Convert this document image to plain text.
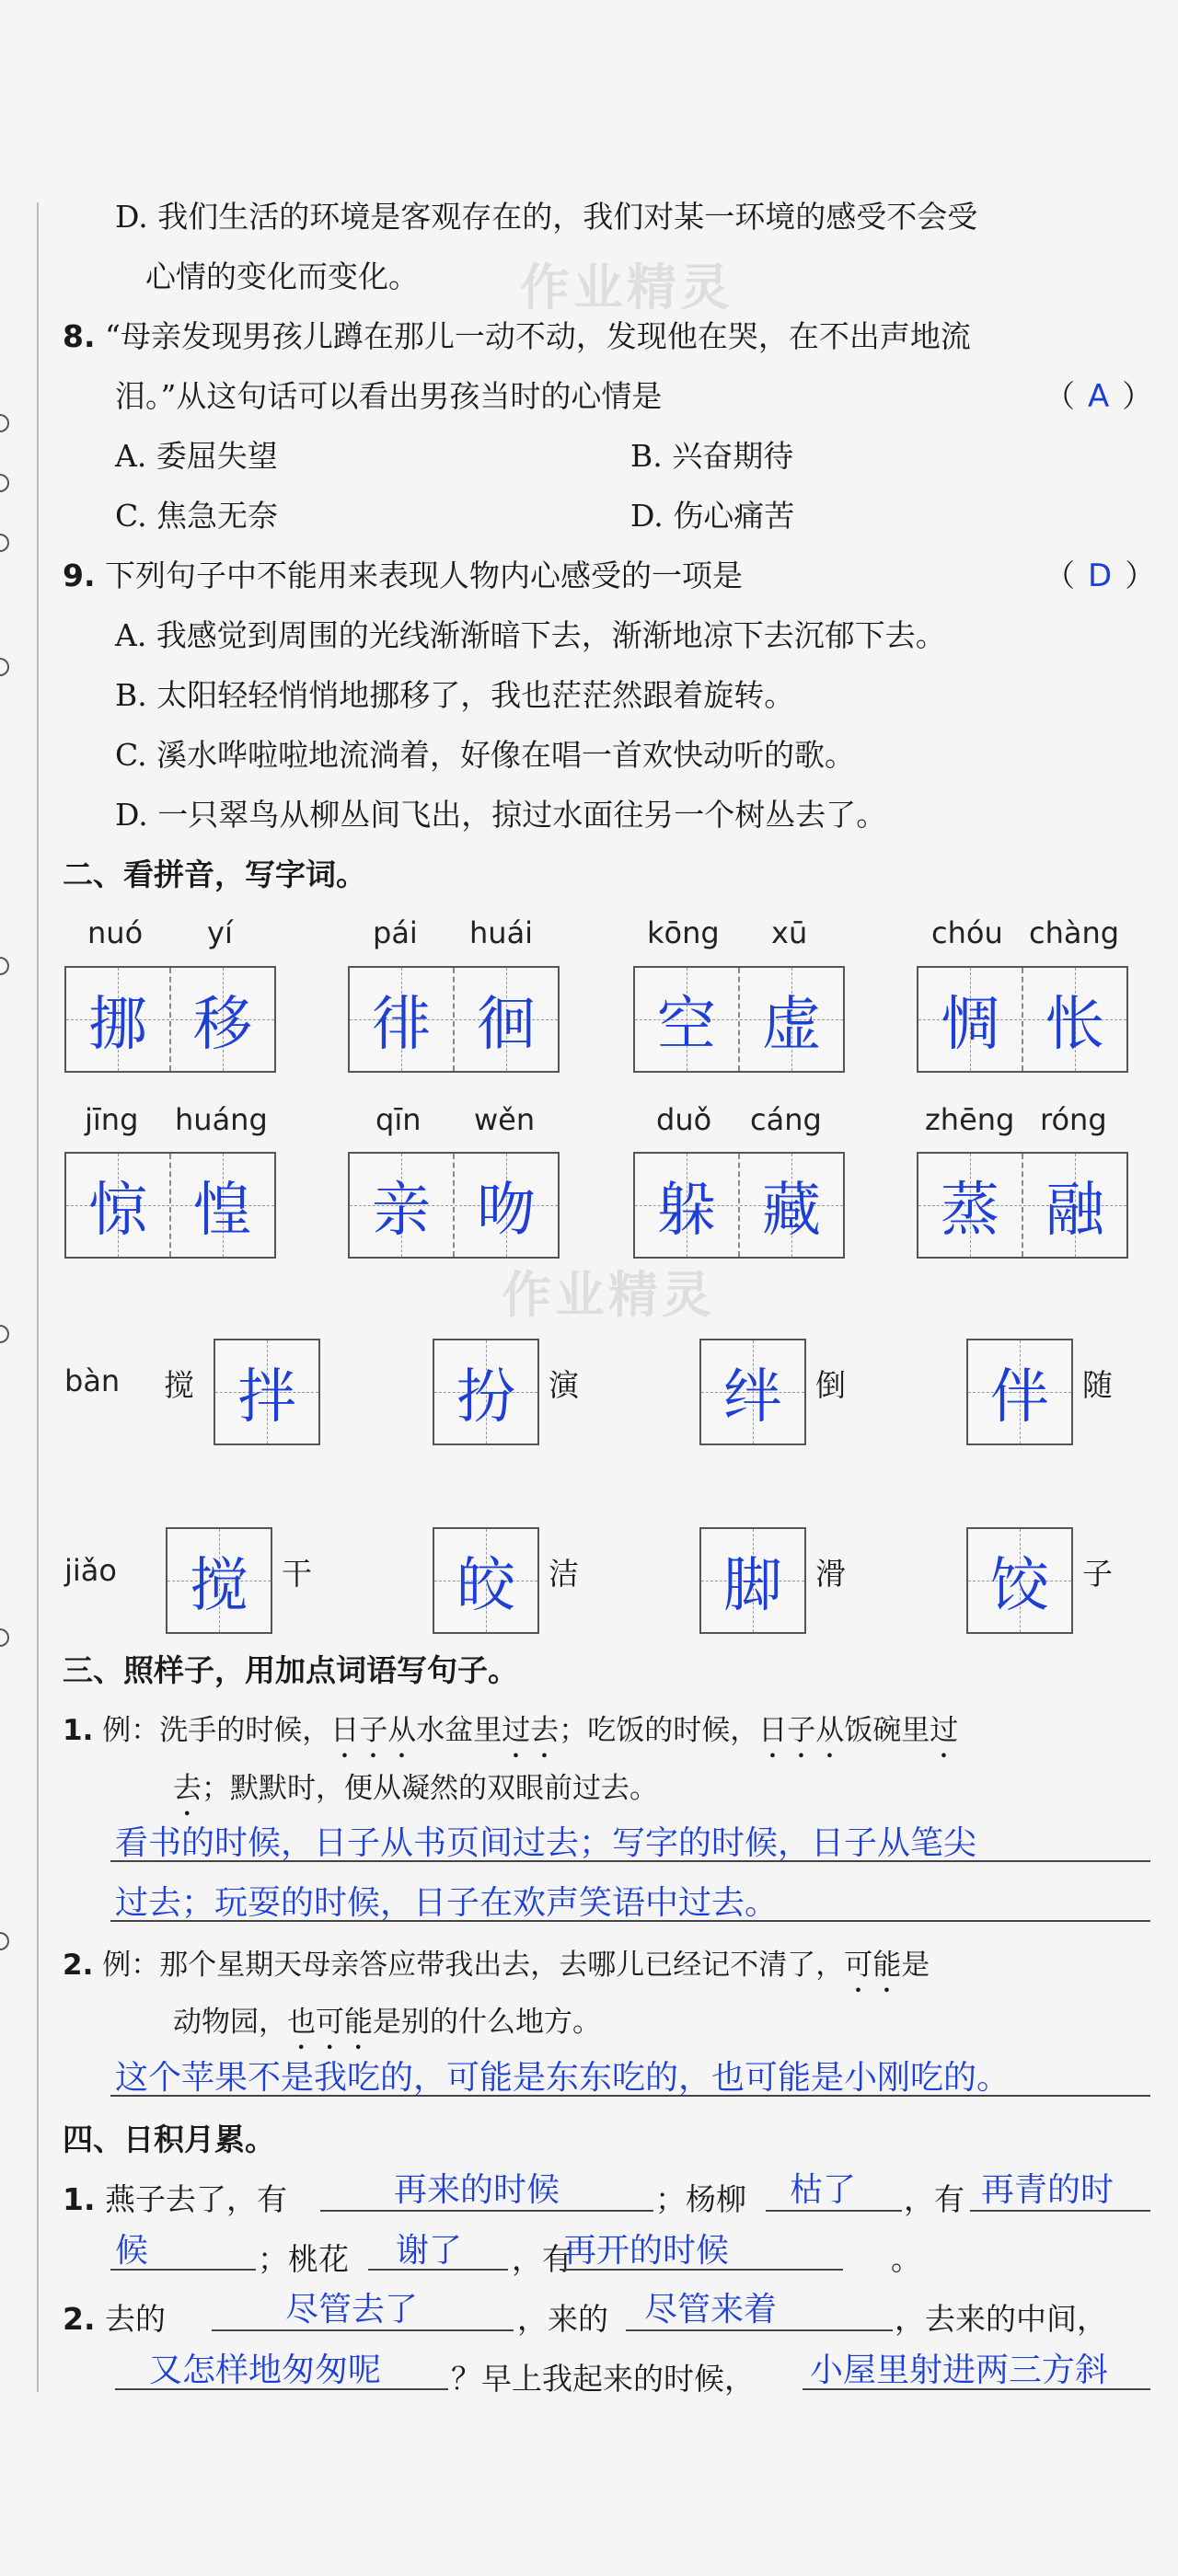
作业精灵
作业精灵
D. 我们生活的环境是客观存在的，我们对某一环境的感受不会受
心情的变化而变化。
8. “母亲发现男孩儿蹲在那儿一动不动，发现他在哭，在不出声地流
泪。”从这句话可以看出男孩当时的心情是	（ A ）
A. 委屈失望	B. 兴奋期待
C. 焦急无奈	D. 伤心痛苦
9. 下列句子中不能用来表现人物内心感受的一项是	（ D ）
A. 我感觉到周围的光线渐渐暗下去，渐渐地凉下去沉郁下去。
B. 太阳轻轻悄悄地挪移了，我也茫茫然跟着旋转。
C. 溪水哗啦啦地流淌着，好像在唱一首欢快动听的歌。
D. 一只翠鸟从柳丛间飞出，掠过水面往另一个树丛去了。
二、看拼音，写字词。
nuó yí
挪 移
pái huái
徘 徊
kōng xū
空 虚
chóu chàng
惆 怅
jīng huáng
惊 惶
qīn wěn
亲 吻
duǒ cáng
躲 藏
zhēng róng
蒸 融
bàn 搅 拌	扮	演	绊	倒	伴	随
jiǎo	搅	干	皎	洁	脚	滑	饺	子
三、照样子，用加点词语写句子。
1. 例：洗手的时候，日子从水盆里过去；吃饭的时候，日子从饭碗里过
去；默默时，便从凝然的双眼前过去。
看书的时候，日子从书页间过去；写字的时候，日子从笔尖
过去；玩耍的时候，日子在欢声笑语中过去。
2. 例：那个星期天母亲答应带我出去，去哪儿已经记不清了，可能是
动物园，也可能是别的什么地方。
这个苹果不是我吃的，可能是东东吃的，也可能是小刚吃的。
四、日积月累。
1. 燕子去了，有	再来的时候	；杨柳 枯了 ，有 再青的时
候	；桃花 谢了 ，有
再开的时候	。
2. 去的	尽管去了	，来的 尽管来着	，去来的中间，
又怎样地匆匆呢 ？早上我起来的时候， 小屋里射进两三方斜
